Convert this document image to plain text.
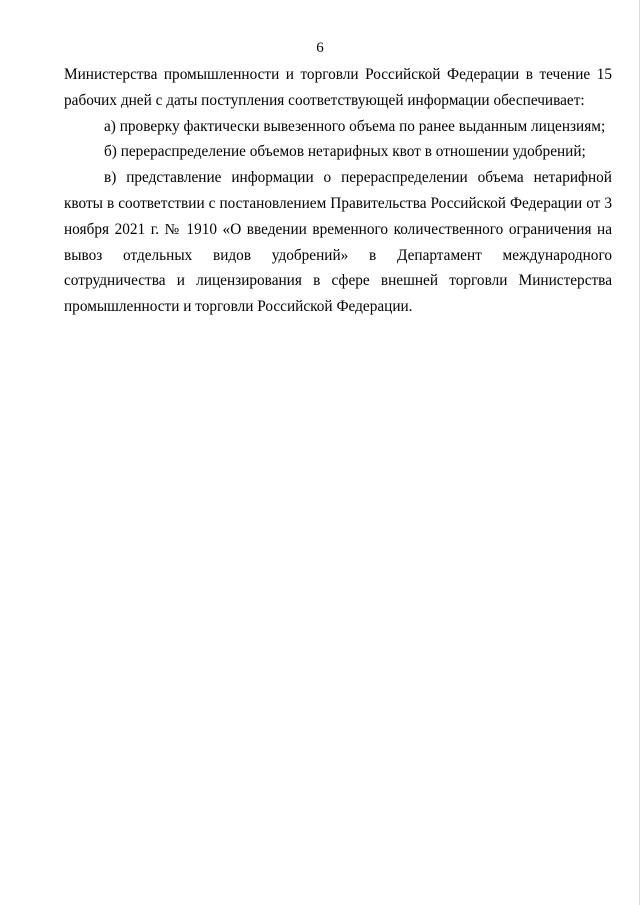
6

Министерства промышленности и торговли Российской Федерации в течение 15 рабочих дней с даты поступления соответствующей информации обеспечивает:

а) проверку фактически вывезенного объема по ранее выданным лицензиям;

б) перераспределение объемов нетарифных квот в отношении удобрений;

в) представление информации о перераспределении объема нетарифной квоты в соответствии с постановлением Правительства Российской Федерации от 3 ноября 2021 г. № 1910 «О введении временного количественного ограничения на вывоз отдельных видов удобрений» в Департамент международного сотрудничества и лицензирования в сфере внешней торговли Министерства промышленности и торговли Российской Федерации.
